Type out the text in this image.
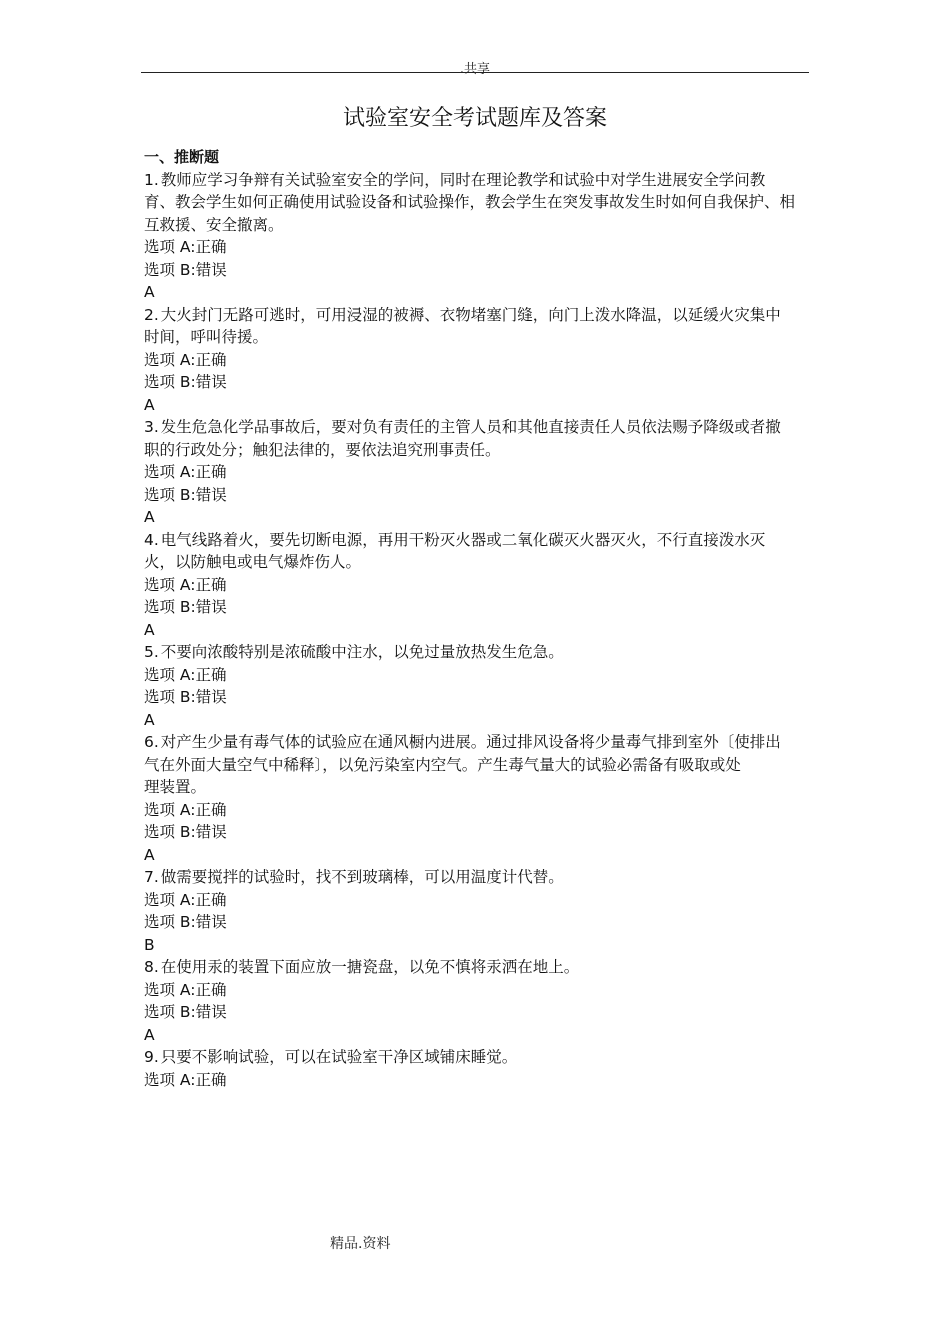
.共享
试验室安全考试题库及答案
一、推断题
1. 教师应学习争辩有关试验室安全的学问，同时在理论教学和试验中对学生进展安全学问教
育、教会学生如何正确使用试验设备和试验操作，教会学生在突发事故发生时如何自我保护、相
互救援、安全撤离。
选项 A:正确
选项 B:错误
A
2. 大火封门无路可逃时，可用浸湿的被褥、衣物堵塞门缝，向门上泼水降温，以延缓火灾集中
时间，呼叫待援。
选项 A:正确
选项 B:错误
A
3. 发生危急化学品事故后，要对负有责任的主管人员和其他直接责任人员依法赐予降级或者撤
职的行政处分；触犯法律的，要依法追究刑事责任。
选项 A:正确
选项 B:错误
A
4. 电气线路着火，要先切断电源，再用干粉灭火器或二氧化碳灭火器灭火，不行直接泼水灭
火，以防触电或电气爆炸伤人。
选项 A:正确
选项 B:错误
A
5. 不要向浓酸特别是浓硫酸中注水，以免过量放热发生危急。
选项 A:正确
选项 B:错误
A
6. 对产生少量有毒气体的试验应在通风橱内进展。通过排风设备将少量毒气排到室外〔使排出
气在外面大量空气中稀释〕，以免污染室内空气。产生毒气量大的试验必需备有吸取或处
理装置。
选项 A:正确
选项 B:错误
A
7. 做需要搅拌的试验时，找不到玻璃棒，可以用温度计代替。
选项 A:正确
选项 B:错误
B
8. 在使用汞的装置下面应放一搪瓷盘，以免不慎将汞洒在地上。
选项 A:正确
选项 B:错误
A
9. 只要不影响试验，可以在试验室干净区域铺床睡觉。
选项 A:正确
精品.资料
